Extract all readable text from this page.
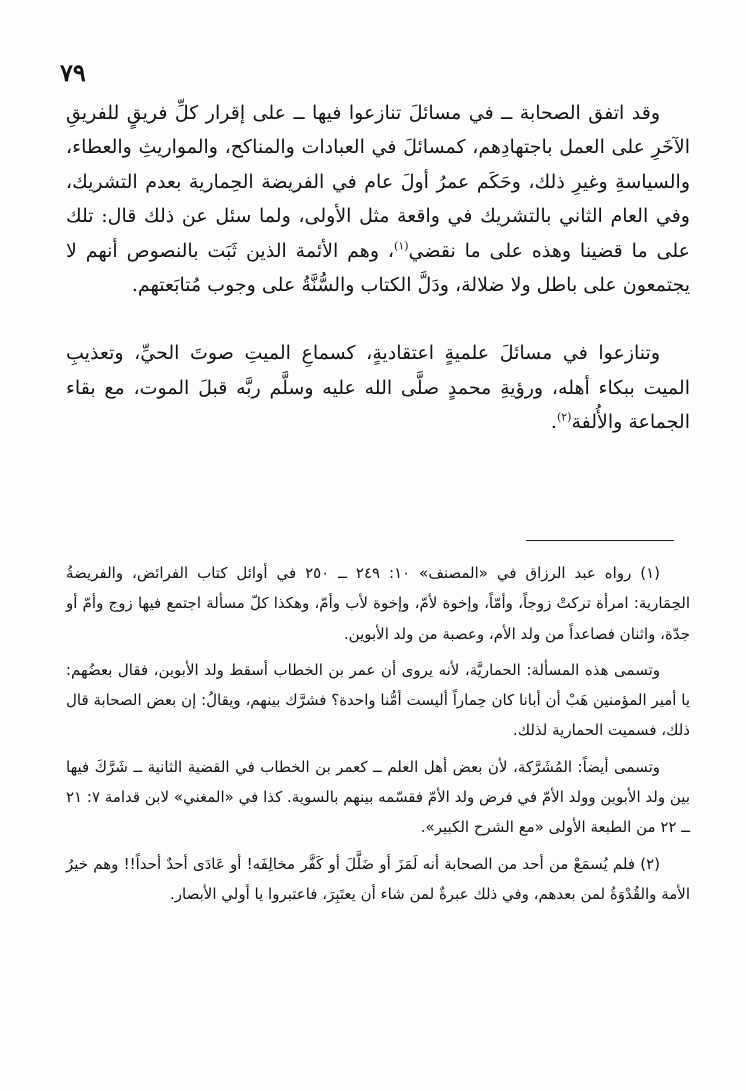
٧٩

وقد اتفق الصحابة ــ في مسائلَ تنازعوا فيها ــ على إقرار كلِّ فريقٍ للفريقِ الآخَرِ على العمل باجتهادِهم، كمسائلَ في العبادات والمناكح، والمواريثِ والعطاء، والسياسةِ وغيرِ ذلك، وحَكَم عمرُ أولَ عام في الفريضة الحِمارية بعدم التشريك، وفي العام الثاني بالتشريك في واقعة مثل الأولى، ولما سئل عن ذلك قال: تلك على ما قضينا وهذه على ما نقضي$^{(١)}$، وهم الأئمة الذين ثَبَت بالنصوص أنهم لا يجتمعون على باطل ولا ضلالة، ودَلَّ الكتاب والسُّنَّةُ على وجوب مُتابَعتهم.

وتنازعوا في مسائلَ علميةٍ اعتقاديةٍ، كسماعِ الميتِ صوتَ الحيِّ، وتعذيبِ الميت ببكاء أهله، ورؤيةِ محمدٍ صلَّى الله عليه وسلَّم ربَّه قبلَ الموت، مع بقاء الجماعة والأُلفة$^{(٢)}$.

(١) رواه عبد الرزاق في «المصنف» ١٠: ٢٤٩ ــ ٢٥٠ في أوائل كتاب الفرائض، والفريضةُ الحِمَارية: امرأة تركتْ زوجاً، وأمّاً، وإخوة لأمّ، وإخوة لأب وأمّ، وهكذا كلّ مسألة اجتمع فيها زوج وأمّ أو جدّة، واثنان فصاعداً من ولد الأم، وعصبة من ولد الأبوين.

وتسمى هذه المسألة: الحماريَّة، لأنه يروى أن عمر بن الخطاب أسقط ولد الأبوين، فقال بعضُهم: يا أمير المؤمنين هَبْ أن أبانا كان حِماراً أليست أمُّنا واحدة؟ فشرَّك بينهم، ويقالُ: إن بعض الصحابة قال ذلك، فسميت الحمارية لذلك.

وتسمى أيضاً: المُشَرَّكة، لأن بعض أهل العلم ــ كعمر بن الخطاب في القضية الثانية ــ شَرَّكَ فيها بين ولد الأبوين وولد الأمّ في فرض ولد الأمّ فقسّمه بينهم بالسوية. كذا في «المغني» لابن قدامة ٧: ٢١ ــ ٢٢ من الطبعة الأولى «مع الشرح الكبير».

(٢) فلم يُسمَعْ من أحد من الصحابة أنه لَمَزَ أو ضَلَّلَ أو كَفَّر مخالِفَه! أو عَادَى أحدٌ أحداً!! وهم خيرُ الأمة والقُدْوَةُ لمن بعدهم، وفي ذلك عبرةٌ لمن شاء أن يعتَبِرَ، فاعتبروا يا أولي الأبصار.
